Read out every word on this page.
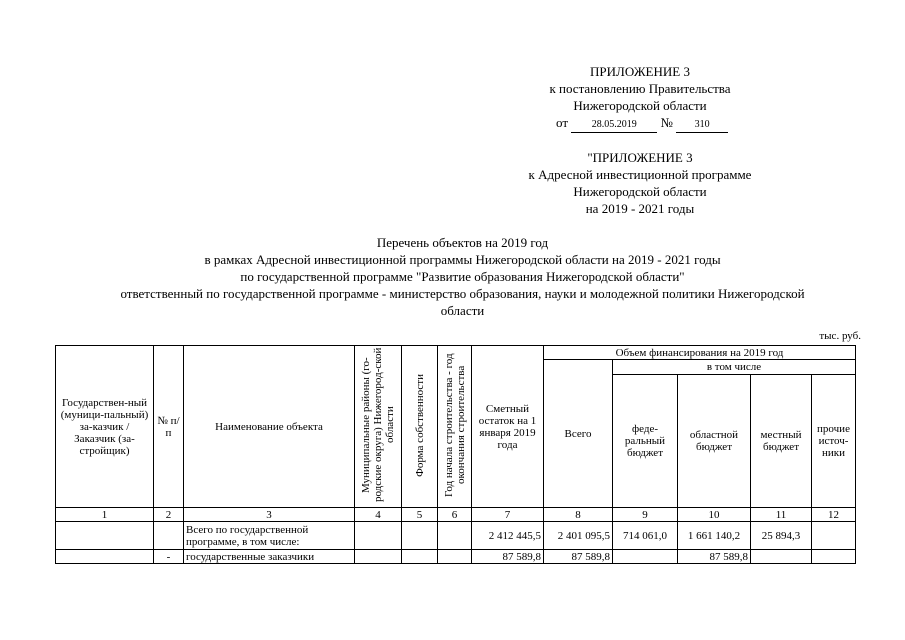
ПРИЛОЖЕНИЕ 3
к постановлению Правительства
Нижегородской области
от 28.05.2019 № 310
"ПРИЛОЖЕНИЕ 3
к Адресной инвестиционной программе
Нижегородской области
на 2019 - 2021 годы
Перечень объектов на 2019 год
в рамках Адресной инвестиционной программы Нижегородской области на 2019 - 2021 годы
по государственной программе "Развитие образования Нижегородской области"
ответственный по государственной программе - министерство образования, науки и молодежной политики Нижегородской
области
тыс. руб.
Государствен-ный (муници-пальный) за-казчик / Заказчик (за-стройщик)	№ п/п	Наименование объекта	Муниципальные районы (го-родские округа) Нижегород-ской области	Форма собственности	Год начала строительства - год окончания строительства	Сметный остаток на 1 января 2019 года	Объем финансирования на 2019 год				
							Всего	в том числе			
								феде-ральный бюджет	областной бюджет	местный бюджет	прочие источ-ники
1	2	3	4	5	6	7	8	9	10	11	12
		Всего по государственной программе, в том числе:				2 412 445,5	2 401 095,5	714 061,0	1 661 140,2	25 894,3	
	-	государственные заказчики				87 589,8	87 589,8		87 589,8		
